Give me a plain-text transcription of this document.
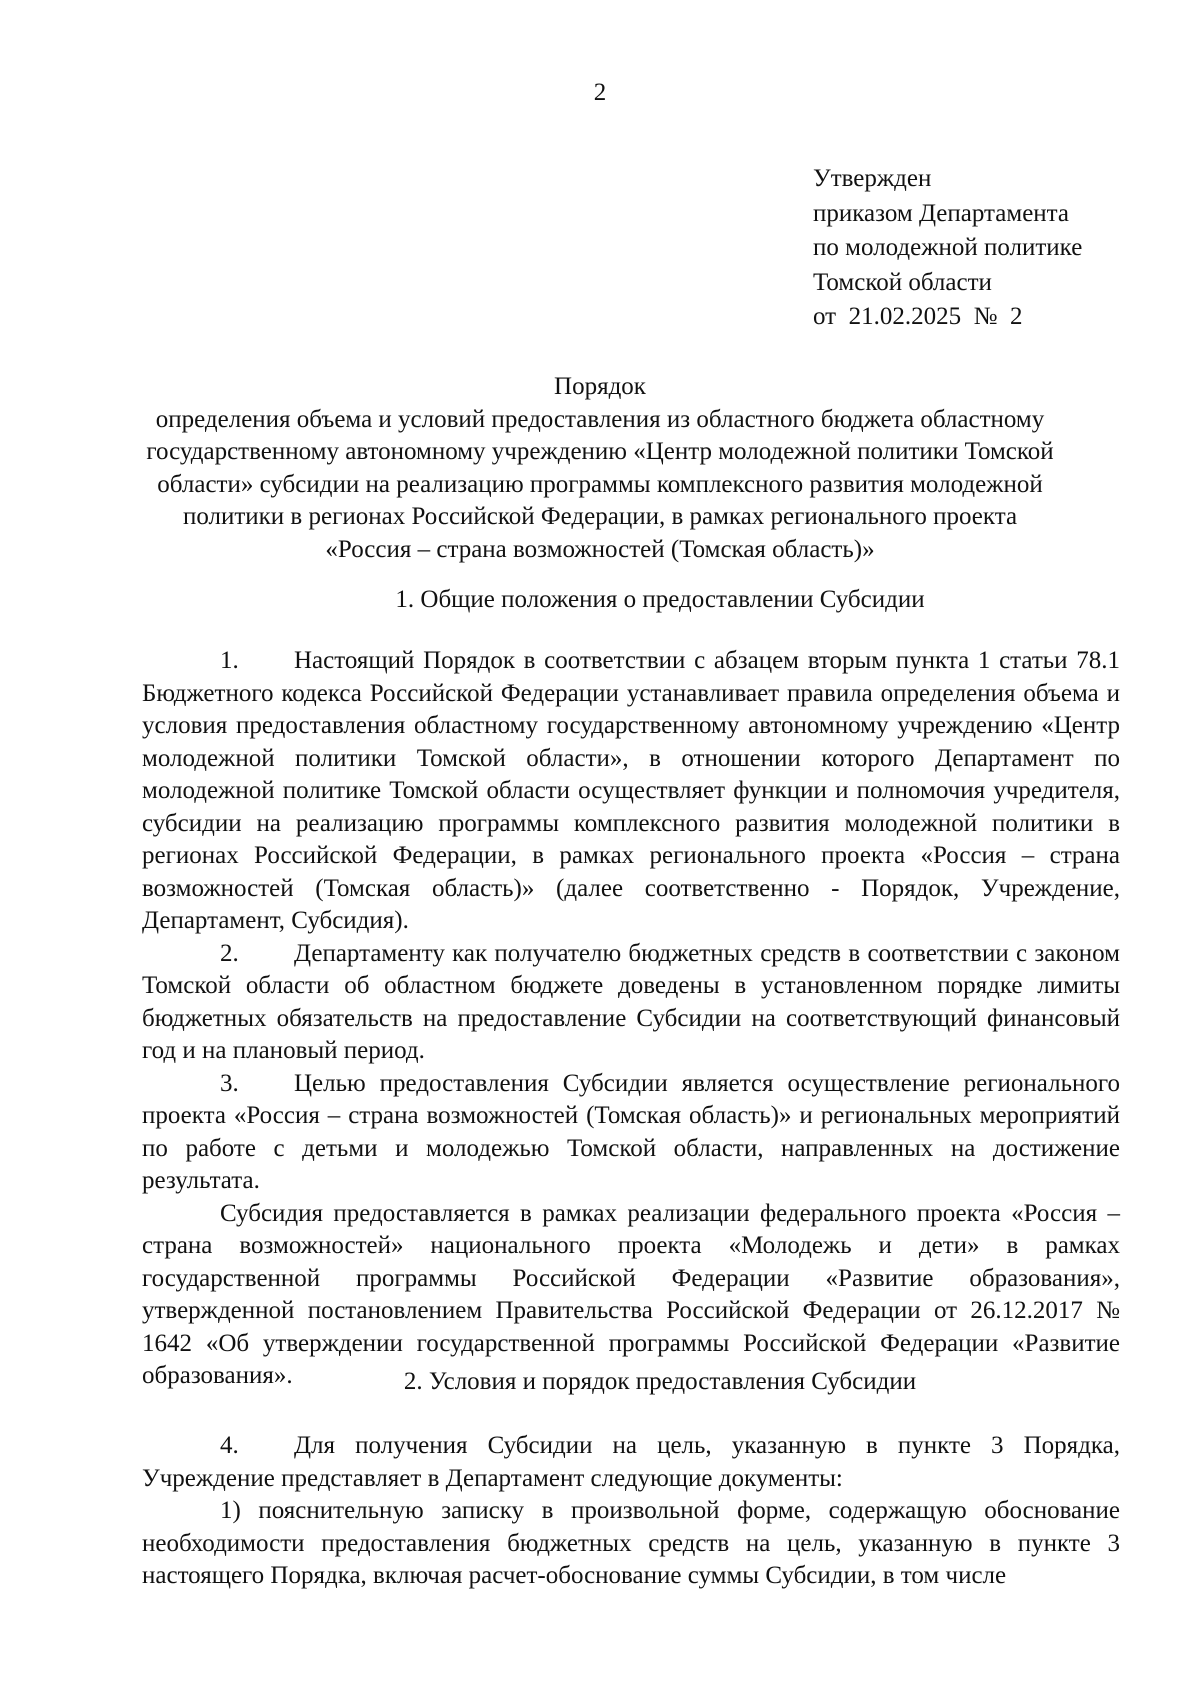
2
Утвержден
приказом Департамента
по молодежной политике
Томской области
от  21.02.2025  №  2
Порядок
определения объема и условий предоставления из областного бюджета областному
государственному автономному учреждению «Центр молодежной политики Томской
области» субсидии на реализацию программы комплексного развития молодежной
политики в регионах Российской Федерации, в рамках регионального проекта
«Россия – страна возможностей (Томская область)»
1. Общие положения о предоставлении Субсидии

1. Настоящий Порядок в соответствии с абзацем вторым пункта 1 статьи 78.1 Бюджетного кодекса Российской Федерации устанавливает правила определения объема и условия предоставления областному государственному автономному учреждению «Центр молодежной политики Томской области», в отношении которого Департамент по молодежной политике Томской области осуществляет функции и полномочия учредителя, субсидии на реализацию программы комплексного развития молодежной политики в регионах Российской Федерации, в рамках регионального проекта «Россия – страна возможностей (Томская область)» (далее соответственно - Порядок, Учреждение, Департамент, Субсидия).

2. Департаменту как получателю бюджетных средств в соответствии с законом Томской области об областном бюджете доведены в установленном порядке лимиты бюджетных обязательств на предоставление Субсидии на соответствующий финансовый год и на плановый период.

3. Целью предоставления Субсидии является осуществление регионального проекта «Россия – страна возможностей (Томская область)» и региональных мероприятий по работе с детьми и молодежью Томской области, направленных на достижение результата.

Субсидия предоставляется в рамках реализации федерального проекта «Россия – страна возможностей» национального проекта «Молодежь и дети» в рамках государственной программы Российской Федерации «Развитие образования», утвержденной постановлением Правительства Российской Федерации от 26.12.2017 № 1642 «Об утверждении государственной программы Российской Федерации «Развитие образования».	2. Условия и порядок предоставления Субсидии

4. Для получения Субсидии на цель, указанную в пункте 3 Порядка, Учреждение представляет в Департамент следующие документы:

1) пояснительную записку в произвольной форме, содержащую обоснование необходимости предоставления бюджетных средств на цель, указанную в пункте 3 настоящего Порядка, включая расчет-обоснование суммы Субсидии, в том числе
